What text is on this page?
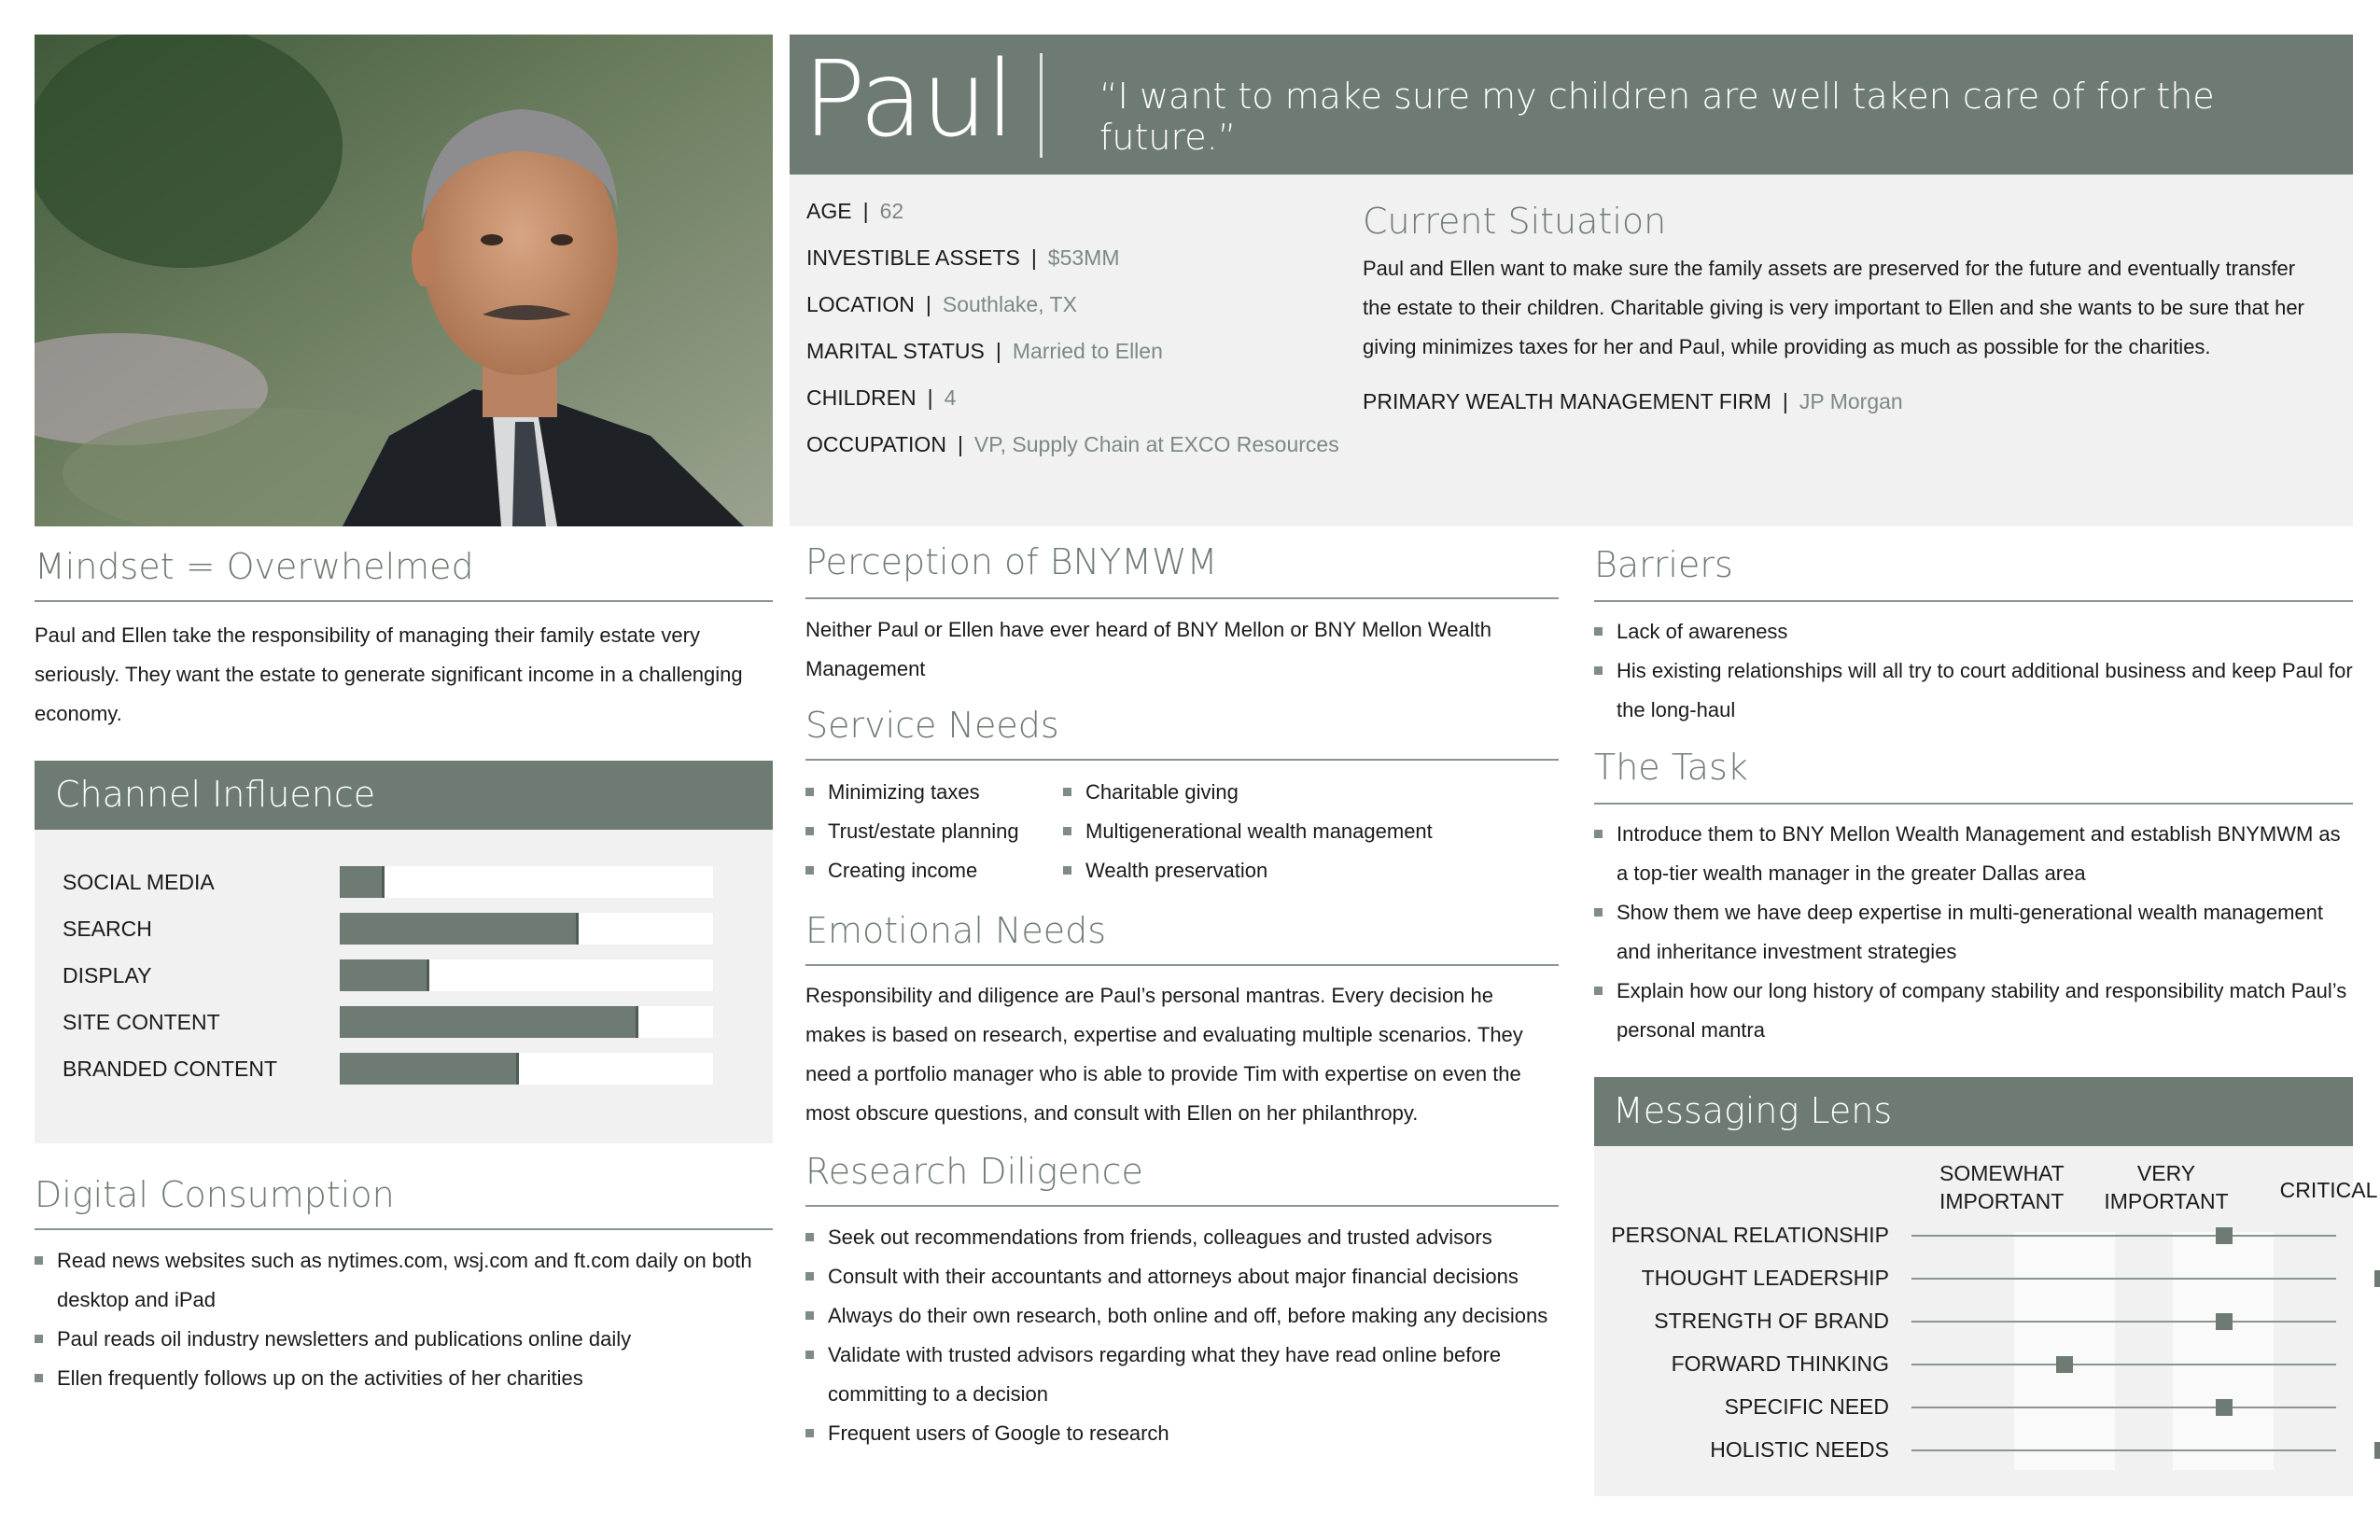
Paul “I want to make sure my children are well taken care of for the future.”
AGE | 62
INVESTIBLE ASSETS | $53MM
LOCATION | Southlake, TX
MARITAL STATUS | Married to Ellen
CHILDREN | 4
OCCUPATION | VP, Supply Chain at EXCO Resources
Current Situation
Paul and Ellen want to make sure the family assets are preserved for the future and eventually transfer the estate to their children. Charitable giving is very important to Ellen and she wants to be sure that her giving minimizes taxes for her and Paul, while providing as much as possible for the charities.
PRIMARY WEALTH MANAGEMENT FIRM | JP Morgan
Mindset = Overwhelmed
Paul and Ellen take the responsibility of managing their family estate very seriously. They want the estate to generate significant income in a challenging economy.
Channel Influence
SOCIAL MEDIA
SEARCH
DISPLAY
SITE CONTENT
BRANDED CONTENT
Digital Consumption
Read news websites such as nytimes.com, wsj.com and ft.com daily on both desktop and iPad
Paul reads oil industry newsletters and publications online daily
Ellen frequently follows up on the activities of her charities
Perception of BNYMWM
Neither Paul or Ellen have ever heard of BNY Mellon or BNY Mellon Wealth Management
Service Needs
Minimizing taxes
Trust/estate planning
Creating income
Charitable giving
Multigenerational wealth management
Wealth preservation
Emotional Needs
Responsibility and diligence are Paul’s personal mantras. Every decision he makes is based on research, expertise and evaluating multiple scenarios. They need a portfolio manager who is able to provide Tim with expertise on even the most obscure questions, and consult with Ellen on her philanthropy.
Research Diligence
Seek out recommendations from friends, colleagues and trusted advisors
Consult with their accountants and attorneys about major financial decisions
Always do their own research, both online and off, before making any decisions
Validate with trusted advisors regarding what they have read online before committing to a decision
Frequent users of Google to research
Barriers
Lack of awareness
His existing relationships will all try to court additional business and keep Paul for the long-haul
The Task
Introduce them to BNY Mellon Wealth Management and establish BNYMWM as a top-tier wealth manager in the greater Dallas area
Show them we have deep expertise in multi-generational wealth management and inheritance investment strategies
Explain how our long history of company stability and responsibility match Paul’s personal mantra
Messaging Lens
SOMEWHAT IMPORTANT
VERY IMPORTANT	CRITICAL
PERSONAL RELATIONSHIP
THOUGHT LEADERSHIP
STRENGTH OF BRAND
FORWARD THINKING
SPECIFIC NEED
HOLISTIC NEEDS
